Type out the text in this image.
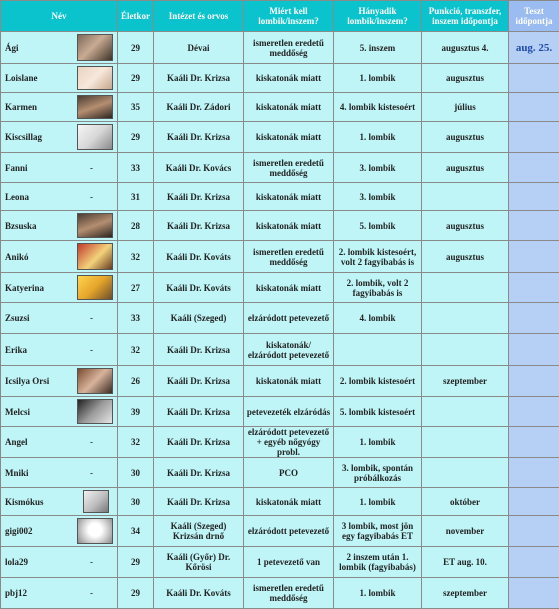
Név	Életkor	Intézet és orvos	Miért kell lombik/inszem?	Hányadik lombik/inszem?	Punkció, transzfer, inszem időpontja	Teszt időpontja
Ági	29	Dévai	ismeretlen eredetű meddőség	5. inszem	augusztus 4.	aug. 25.
Loislane	29	Kaáli Dr. Krizsa	kiskatonák miatt	1. lombik	augusztus	
Karmen	35	Kaáli Dr. Zádori	kiskatonák miatt	4. lombik kistesoért	július	
Kiscsillag	29	Kaáli Dr. Krizsa	kiskatonák miatt	1. lombik	augusztus	
Fanni -	33	Kaáli Dr. Kovács	ismeretlen eredetű meddőség	3. lombik	augusztus	
Leona -	31	Kaáli Dr. Krizsa	kiskatonák miatt	3. lombik		
Bzsuska	28	Kaáli Dr. Krizsa	kiskatonák miatt	5. lombik	augusztus	
Anikó	32	Kaáli Dr. Kováts	ismeretlen eredetű meddőség	2. lombik kistesoért, volt 2 fagyibabás is	augusztus	
Katyerina	27	Kaáli Dr. Kováts	kiskatonák miatt	2. lombik, volt 2 fagyibabás is		
Zsuzsi -	33	Kaáli (Szeged)	elzáródott petevezető	4. lombik		
Erika -	32	Kaáli Dr. Krizsa	kiskatonák/ elzáródott petevezető			
Icsilya Orsi	26	Kaáli Dr. Krizsa	kiskatonák miatt	2. lombik kistesoért	szeptember	
Melcsi	39	Kaáli Dr. Krizsa	petevezeték elzáródás	5. lombik kistesoért		
Angel -	32	Kaáli Dr. Krizsa	elzáródott petevezető + egyéb nőgyógy probl.	1. lombik		
Mniki -	30	Kaáli Dr. Krizsa	PCO	3. lombik, spontán próbálkozás		
Kismókus	30	Kaáli Dr. Krizsa	kiskatonák miatt	1. lombik	október	
gigi002	34	Kaáli (Szeged) Krizsán drnő	elzáródott petevezető	3 lombik, most jön egy fagyibabás ET	november	
lola29 -	29	Kaáli (Győr) Dr. Kőrösi	1 petevezető van	2 inszem után 1. lombik (fagyibabás)	ET aug. 10.	
pbj12 -	29	Kaáli Dr. Kováts	ismeretlen eredetű meddőség	1. lombik	szeptember	
